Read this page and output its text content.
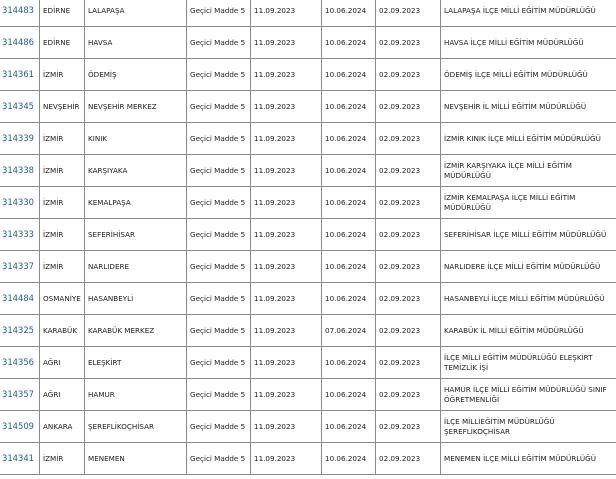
314483	EDİRNE	LALAPAŞA	Geçici Madde 5	11.09.2023	10.06.2024	02.09.2023	LALAPAŞA İLÇE MİLLİ EĞİTİM MÜDÜRLÜĞÜ
314486	EDİRNE	HAVSA	Geçici Madde 5	11.09.2023	10.06.2024	02.09.2023	HAVSA İLÇE MİLLİ EĞİTİM MÜDÜRLÜĞÜ
314361	İZMİR	ÖDEMİŞ	Geçici Madde 5	11.09.2023	10.06.2024	02.09.2023	ÖDEMİŞ İLÇE MİLLİ EĞİTİM MÜDÜRLÜĞÜ
314345	NEVŞEHİR	NEVŞEHİR MERKEZ	Geçici Madde 5	11.09.2023	10.06.2024	02.09.2023	NEVŞEHİR İL MİLLİ EĞİTİM MÜDÜRLÜĞÜ
314339	İZMİR	KINIK	Geçici Madde 5	11.09.2023	10.06.2024	02.09.2023	İZMİR KINIK İLÇE MİLLİ EĞİTİM MÜDÜRLÜĞÜ
314338	İZMİR	KARŞIYAKA	Geçici Madde 5	11.09.2023	10.06.2024	02.09.2023	İZMİR KARŞIYAKA İLÇE MİLLİ EĞİTİM MÜDÜRLÜĞÜ
314330	İZMİR	KEMALPAŞA	Geçici Madde 5	11.09.2023	10.06.2024	02.09.2023	İZMİR KEMALPAŞA İLÇE MİLLİ EĞİTİM MÜDÜRLÜĞÜ
314333	İZMİR	SEFERİHİSAR	Geçici Madde 5	11.09.2023	10.06.2024	02.09.2023	SEFERİHİSAR İLÇE MİLLİ EĞİTİM MÜDÜRLÜĞÜ
314337	İZMİR	NARLIDERE	Geçici Madde 5	11.09.2023	10.06.2024	02.09.2023	NARLIDERE İLÇE MİLLİ EĞİTİM MÜDÜRLÜĞÜ
314484	OSMANİYE	HASANBEYLİ	Geçici Madde 5	11.09.2023	10.06.2024	02.09.2023	HASANBEYLİ İLÇE MİLLİ EĞİTİM MÜDÜRLÜĞÜ
314325	KARABÜK	KARABÜK MERKEZ	Geçici Madde 5	11.09.2023	07.06.2024	02.09.2023	KARABÜK İL MİLLİ EĞİTİM MÜDÜRLÜĞÜ
314356	AĞRI	ELEŞKİRT	Geçici Madde 5	11.09.2023	10.06.2024	02.09.2023	İLÇE MİLLİ EĞİTİM MÜDÜRLÜĞÜ ELEŞKİRT TEMİZLİK İŞİ
314357	AĞRI	HAMUR	Geçici Madde 5	11.09.2023	10.06.2024	02.09.2023	HAMUR İLÇE MİLLİ EĞİTİM MÜDÜRLÜĞÜ SINIF ÖĞRETMENLİĞİ
314509	ANKARA	ŞEREFLİKOÇHİSAR	Geçici Madde 5	11.09.2023	10.06.2024	02.09.2023	İLÇE MİLLİEĞİTİM MÜDÜRLÜĞÜ ŞEREFLİKOÇHİSAR
314341	İZMİR	MENEMEN	Geçici Madde 5	11.09.2023	10.06.2024	02.09.2023	MENEMEN İLÇE MİLLİ EĞİTİM MÜDÜRLÜĞÜ
